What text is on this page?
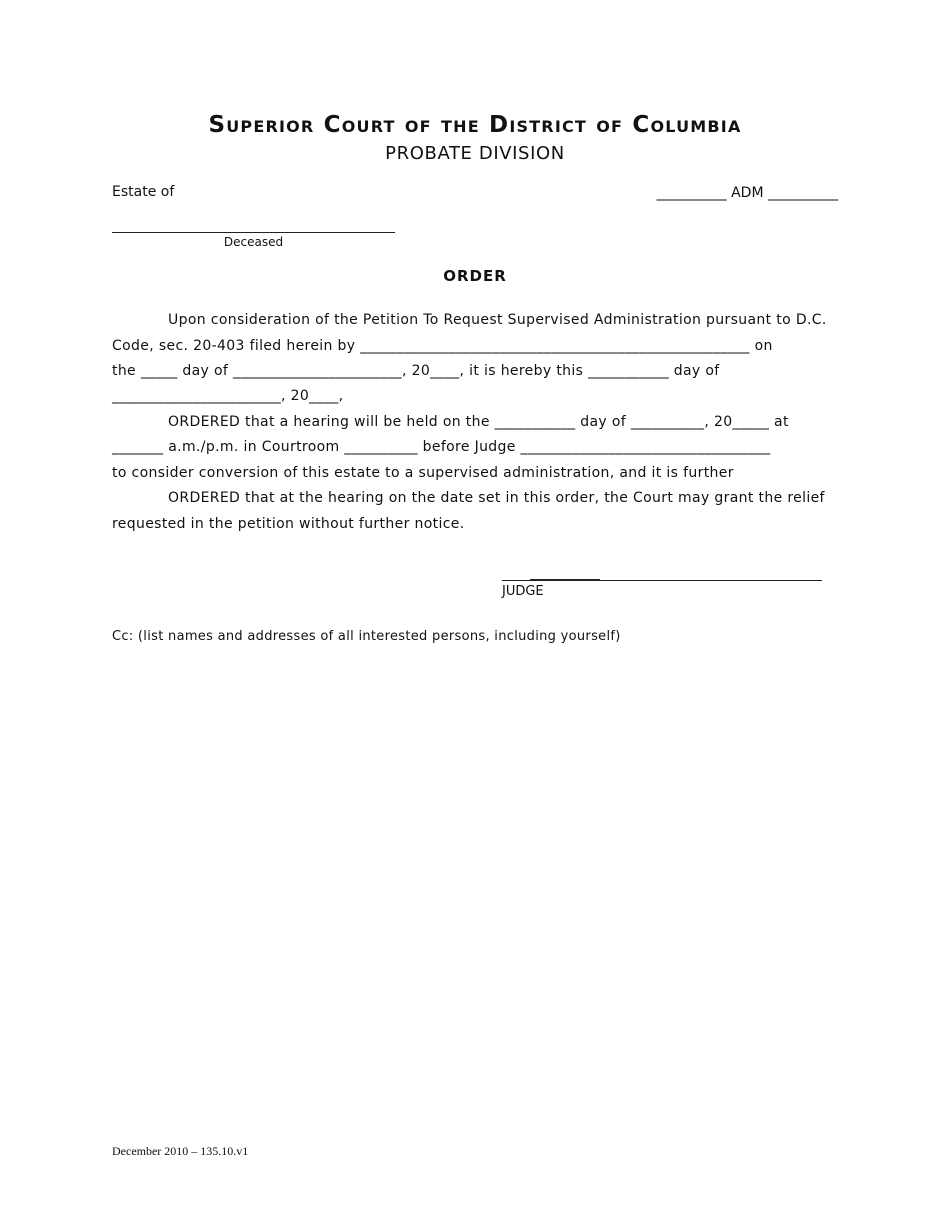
Superior Court of the District of Columbia
PROBATE DIVISION
Estate of	__________ ADM __________
Deceased
ORDER
Upon consideration of the Petition To Request Supervised Administration pursuant to D.C.
Code, sec. 20-403 filed herein by _____________________________________________________ on
the _____ day of _______________________, 20____, it is hereby this ___________ day of
_______________________, 20____,
ORDERED that a hearing will be held on the ___________ day of __________, 20_____ at
_______ a.m./p.m. in Courtroom __________ before Judge __________________________________
to consider conversion of this estate to a supervised administration, and it is further
ORDERED that at the hearing on the date set in this order, the Court may grant the relief
requested in the petition without further notice.
JUDGE
Cc: (list names and addresses of all interested persons, including yourself)
December 2010 – 135.10.v1
